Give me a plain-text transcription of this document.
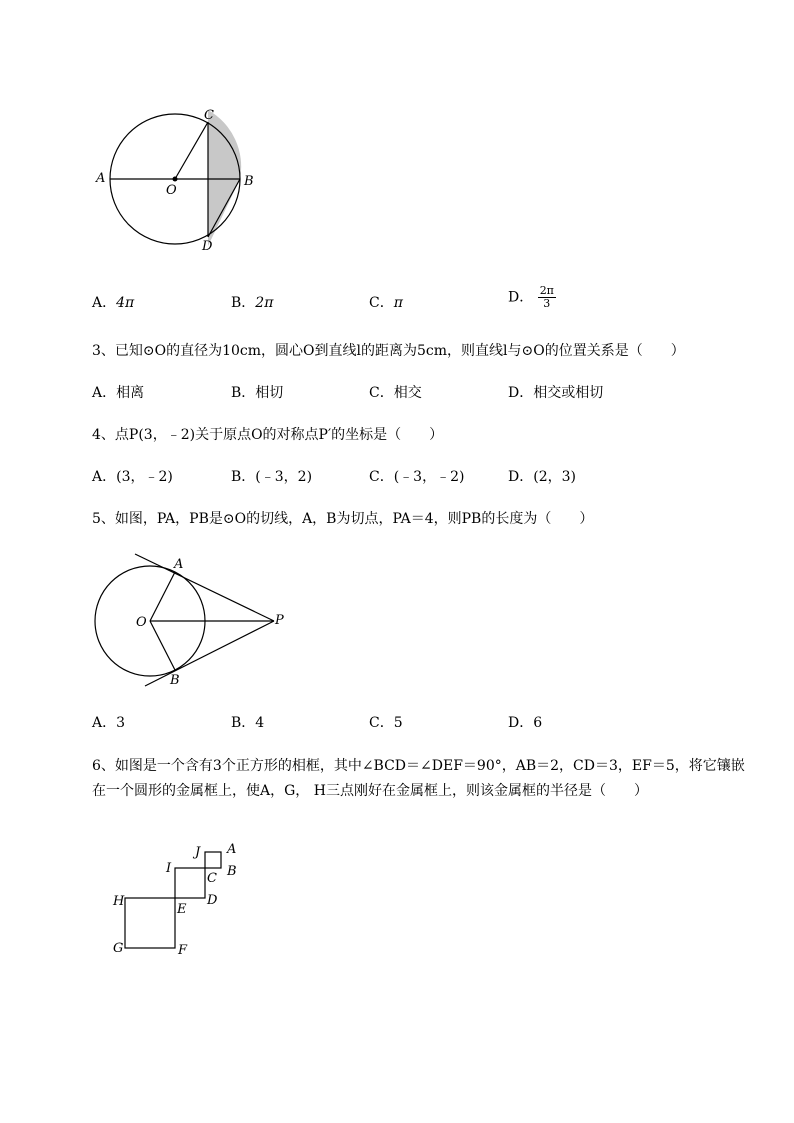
A
O
B
C
D
A．4π	B．2π	C．π	D． $\frac{2\pi}{3}$
3、已知⊙O的直径为10cm，圆心O到直线l的距离为5cm，则直线l与⊙O的位置关系是（　　）
A．相离	B．相切	C．相交	D．相交或相切
4、点P(3，﹣2)关于原点O的对称点P′的坐标是（　　）
A．(3，﹣2)	B．(﹣3，2)	C．(﹣3，﹣2)	D．(2，3)
5、如图，PA，PB是⊙O的切线，A，B为切点，PA＝4，则PB的长度为（　　）
A
O	P
B
A．3	B．4	C．5	D．6
6、如图是一个含有3个正方形的相框，其中∠BCD＝∠DEF＝90°，AB＝2，CD＝3，EF＝5，将它镶嵌
在一个圆形的金属框上，使A，G， H三点刚好在金属框上，则该金属框的半径是（　　）
J A
I
C B
H
E
D
G	F
